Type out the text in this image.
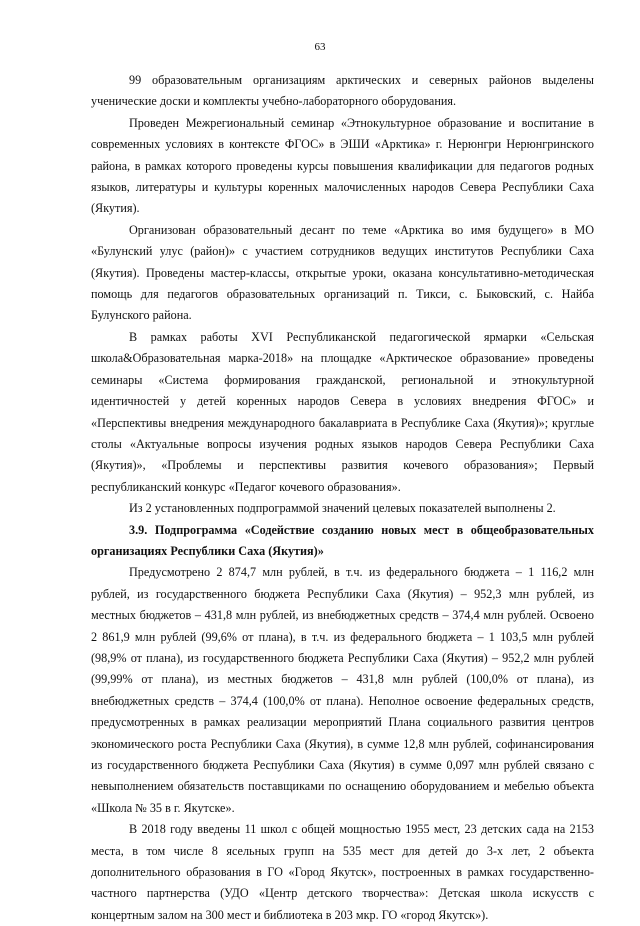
63

99 образовательным организациям арктических и северных районов выделены ученические доски и комплекты учебно-лабораторного оборудования.

Проведен Межрегиональный семинар «Этнокультурное образование и воспитание в современных условиях в контексте ФГОС» в ЭШИ «Арктика» г. Нерюнгри Нерюнгринского района, в рамках которого проведены курсы повышения квалификации для педагогов родных языков, литературы и культуры коренных малочисленных народов Севера Республики Саха (Якутия).

Организован образовательный десант по теме «Арктика во имя будущего» в МО «Булунский улус (район)» с участием сотрудников ведущих институтов Республики Саха (Якутия). Проведены мастер-классы, открытые уроки, оказана консультативно-методическая помощь для педагогов образовательных организаций п. Тикси, с. Быковский, с. Найба Булунского района.

В рамках работы XVI Республиканской педагогической ярмарки «Сельская школа&Образовательная марка-2018» на площадке «Арктическое образование» проведены семинары «Система формирования гражданской, региональной и этнокультурной идентичностей у детей коренных народов Севера в условиях внедрения ФГОС» и «Перспективы внедрения международного бакалавриата в Республике Саха (Якутия)»; круглые столы «Актуальные вопросы изучения родных языков народов Севера Республики Саха (Якутия)», «Проблемы и перспективы развития кочевого образования»; Первый республиканский конкурс «Педагог кочевого образования».

Из 2 установленных подпрограммой значений целевых показателей выполнены 2.

3.9. Подпрограмма «Содействие созданию новых мест в общеобразовательных организациях Республики Саха (Якутия)»

Предусмотрено 2 874,7 млн рублей, в т.ч. из федерального бюджета – 1 116,2 млн рублей, из государственного бюджета Республики Саха (Якутия) – 952,3 млн рублей, из местных бюджетов – 431,8 млн рублей, из внебюджетных средств – 374,4 млн рублей. Освоено 2 861,9 млн рублей (99,6% от плана), в т.ч. из федерального бюджета – 1 103,5 млн рублей (98,9% от плана), из государственного бюджета Республики Саха (Якутия) – 952,2 млн рублей (99,99% от плана), из местных бюджетов – 431,8 млн рублей (100,0% от плана), из внебюджетных средств – 374,4 (100,0% от плана). Неполное освоение федеральных средств, предусмотренных в рамках реализации мероприятий Плана социального развития центров экономического роста Республики Саха (Якутия), в сумме 12,8 млн рублей, софинансирования из государственного бюджета Республики Саха (Якутия) в сумме 0,097 млн рублей связано с невыполнением обязательств поставщиками по оснащению оборудованием и мебелью объекта «Школа № 35 в г. Якутске».

В 2018 году введены 11 школ с общей мощностью 1955 мест, 23 детских сада на 2153 места, в том числе 8 ясельных групп на 535 мест для детей до 3-х лет, 2 объекта дополнительного образования в ГО «Город Якутск», построенных в рамках государственно-частного партнерства (УДО «Центр детского творчества»: Детская школа искусств с концертным залом на 300 мест и библиотека в 203 мкр. ГО «город Якутск»).
